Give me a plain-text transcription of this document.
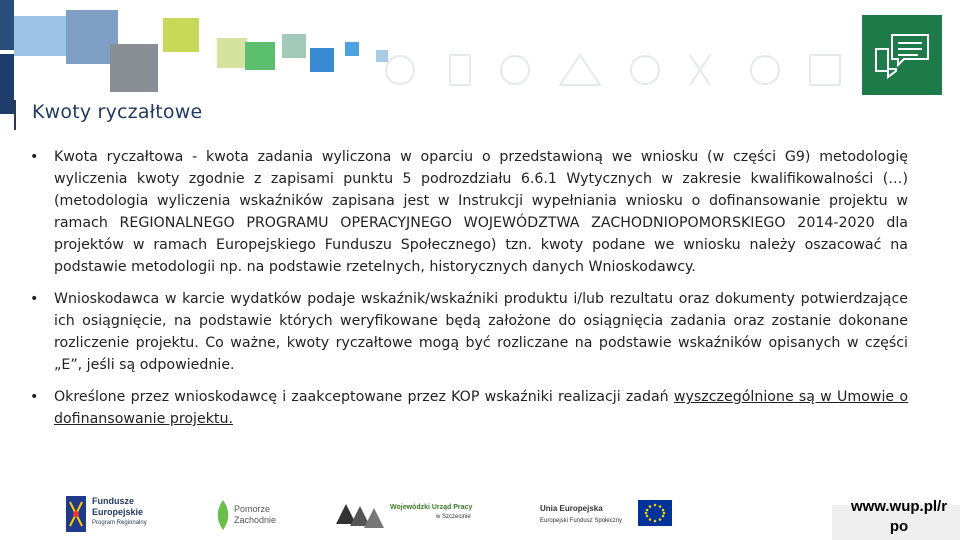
Kwoty ryczałtowe
• Kwota ryczałtowa - kwota zadania wyliczona w oparciu o przedstawioną we wniosku (w części G9) metodologię wyliczenia kwoty zgodnie z zapisami punktu 5 podrozdziału 6.6.1 Wytycznych w zakresie kwalifikowalności (…) (metodologia wyliczenia wskaźników zapisana jest w Instrukcji wypełniania wniosku o dofinansowanie projektu w ramach REGIONALNEGO PROGRAMU OPERACYJNEGO WOJEWÓDZTWA ZACHODNIOPOMORSKIEGO 2014-2020 dla projektów w ramach Europejskiego Funduszu Społecznego) tzn. kwoty podane we wniosku należy oszacować na podstawie metodologii np. na podstawie rzetelnych, historycznych danych Wnioskodawcy.
• Wnioskodawca w karcie wydatków podaje wskaźnik/wskaźniki produktu i/lub rezultatu oraz dokumenty potwierdzające ich osiągnięcie, na podstawie których weryfikowane będą założone do osiągnięcia zadania oraz zostanie dokonane rozliczenie projektu. Co ważne, kwoty ryczałtowe mogą być rozliczane na podstawie wskaźników opisanych w części „E”, jeśli są odpowiednie.
• Określone przez wnioskodawcę i zaakceptowane przez KOP wskaźniki realizacji zadań wyszczególnione są w Umowie o dofinansowanie projektu.
Fundusze
Europejskie
Program Regionalny
Pomorze
Zachodnie
Wojewódzki Urząd Pracy
w Szczecinie
Unia Europejska
Europejski Fundusz Społeczny
www.wup.pl/r
po
